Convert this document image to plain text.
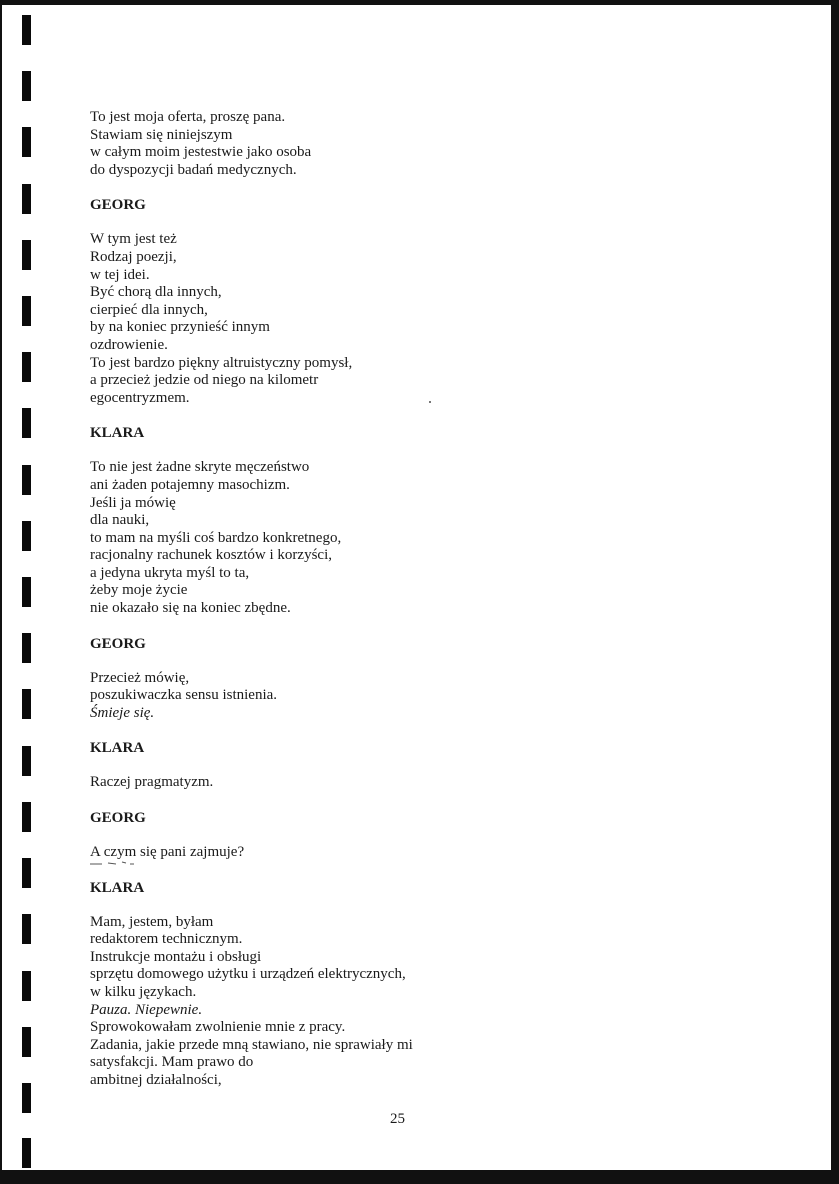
To jest moja oferta, proszę pana.
Stawiam się niniejszym
w całym moim jestestwie jako osoba
do dyspozycji badań medycznych.
GEORG
W tym jest też
Rodzaj poezji,
w tej idei.
Być chorą dla innych,
cierpieć dla innych,
by na koniec przynieść innym
ozdrowienie.
To jest bardzo piękny altruistyczny pomysł,
a przecież jedzie od niego na kilometr
egocentryzmem.
KLARA
To nie jest żadne skryte męczeństwo
ani żaden potajemny masochizm.
Jeśli ja mówię
dla nauki,
to mam na myśli coś bardzo konkretnego,
racjonalny rachunek kosztów i korzyści,
a jedyna ukryta myśl to ta,
żeby moje życie
nie okazało się na koniec zbędne.
GEORG
Przecież mówię,
poszukiwaczka sensu istnienia.
Śmieje się.
KLARA
Raczej pragmatyzm.
GEORG
A czym się pani zajmuje?
KLARA
Mam, jestem, byłam
redaktorem technicznym.
Instrukcje montażu i obsługi
sprzętu domowego użytku i urządzeń elektrycznych,
w kilku językach.
Pauza. Niepewnie.
Sprowokowałam zwolnienie mnie z pracy.
Zadania, jakie przede mną stawiano, nie sprawiały mi
satysfakcji. Mam prawo do
ambitnej działalności,
25
